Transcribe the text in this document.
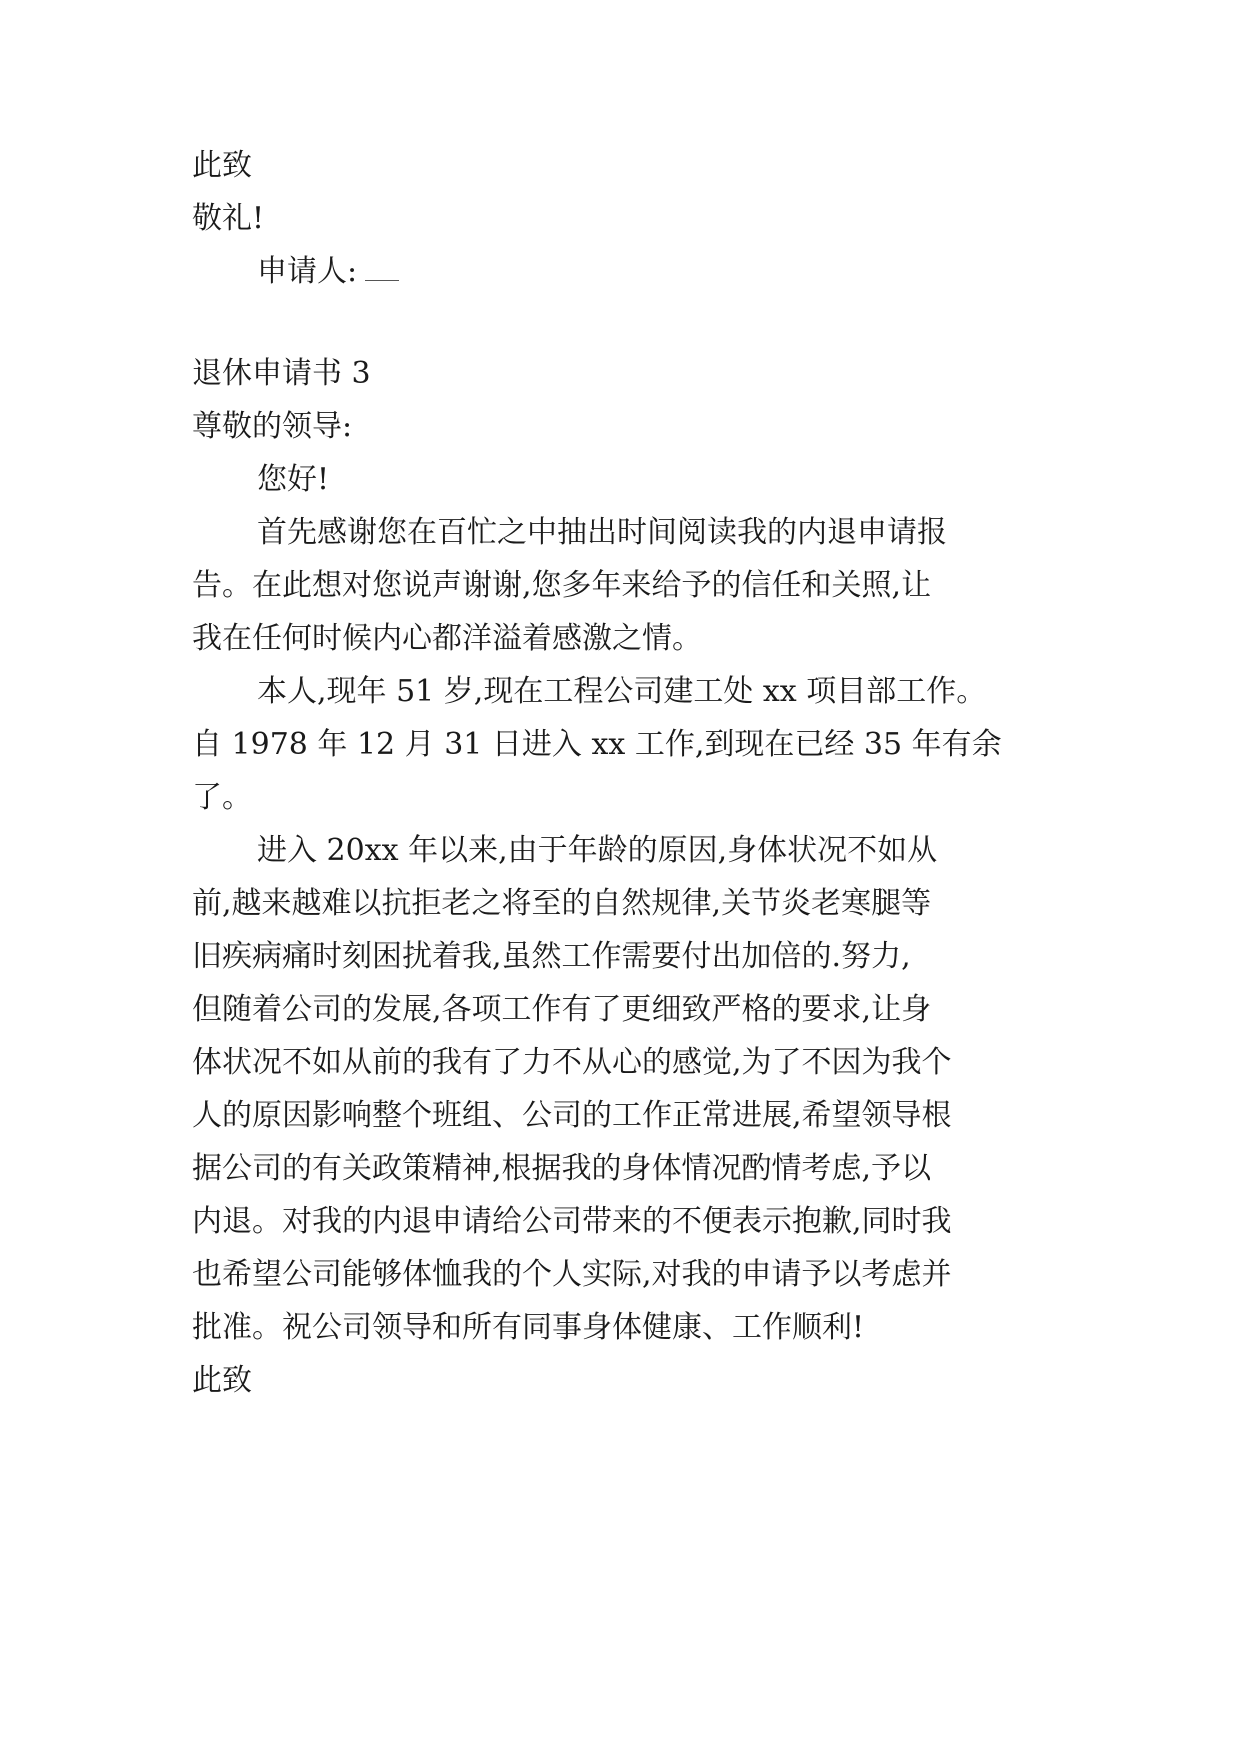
此致
敬礼!
申请人:
退休申请书 3
尊敬的领导:
您好!
首先感谢您在百忙之中抽出时间阅读我的内退申请报
告。在此想对您说声谢谢,您多年来给予的信任和关照,让
我在任何时候内心都洋溢着感激之情。
本人,现年 51 岁,现在工程公司建工处 xx 项目部工作。
自 1978 年 12 月 31 日进入 xx 工作,到现在已经 35 年有余
了。
进入 20xx 年以来,由于年龄的原因,身体状况不如从
前,越来越难以抗拒老之将至的自然规律,关节炎老寒腿等
旧疾病痛时刻困扰着我,虽然工作需要付出加倍的.努力,
但随着公司的发展,各项工作有了更细致严格的要求,让身
体状况不如从前的我有了力不从心的感觉,为了不因为我个
人的原因影响整个班组、公司的工作正常进展,希望领导根
据公司的有关政策精神,根据我的身体情况酌情考虑,予以
内退。对我的内退申请给公司带来的不便表示抱歉,同时我
也希望公司能够体恤我的个人实际,对我的申请予以考虑并
批准。祝公司领导和所有同事身体健康、工作顺利!
此致
